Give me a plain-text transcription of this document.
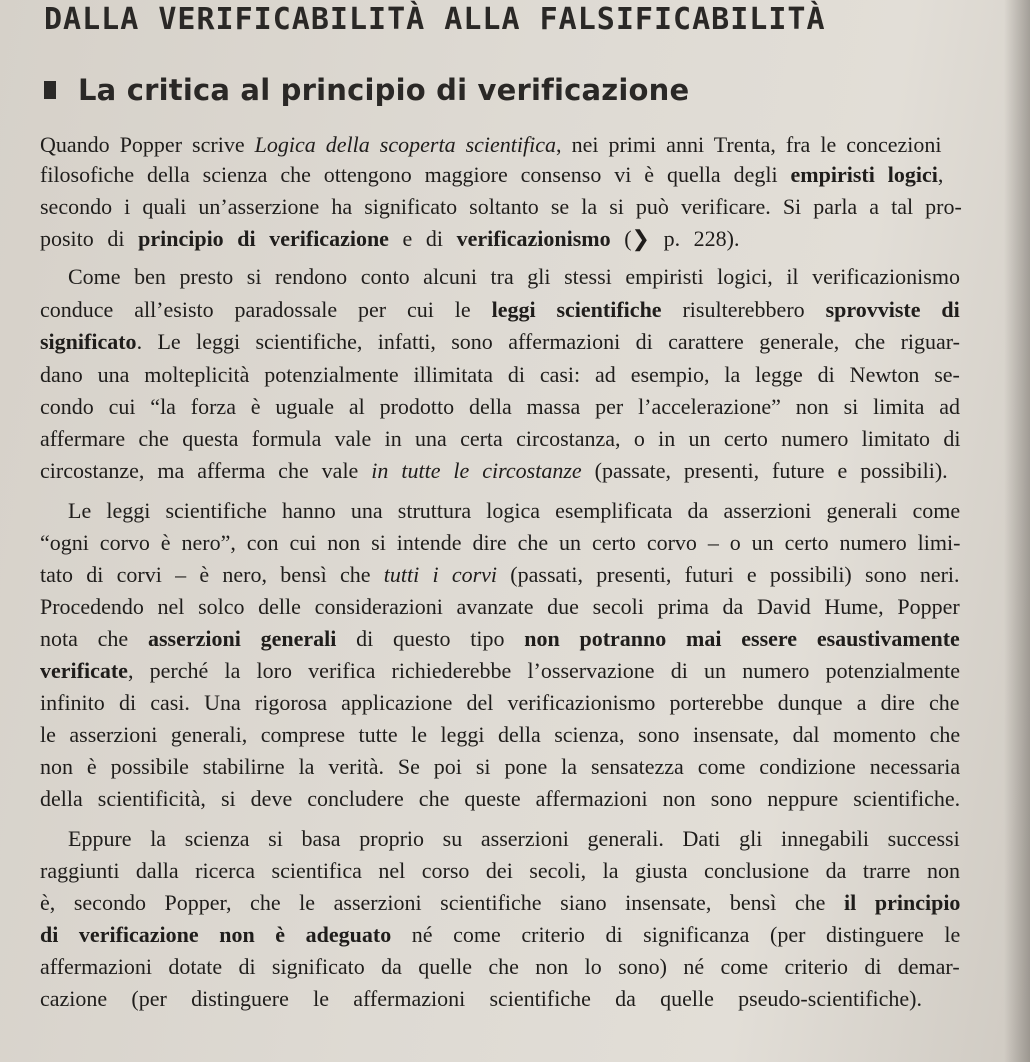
DALLA VERIFICABILITÀ ALLA FALSIFICABILITÀ
La critica al principio di verificazione
Quando Popper scrive Logica della scoperta scientifica, nei primi anni Trenta, fra le concezioni
filosofiche della scienza che ottengono maggiore consenso vi è quella degli empiristi logici,
secondo i quali un’asserzione ha significato soltanto se la si può verificare. Si parla a tal pro-
posito di principio di verificazione e di verificazionismo (❯ p. 228).
Come ben presto si rendono conto alcuni tra gli stessi empiristi logici, il verificazionismo
conduce all’esisto paradossale per cui le leggi scientifiche risulterebbero sprovviste di
significato. Le leggi scientifiche, infatti, sono affermazioni di carattere generale, che riguar-
dano una molteplicità potenzialmente illimitata di casi: ad esempio, la legge di Newton se-
condo cui “la forza è uguale al prodotto della massa per l’accelerazione” non si limita ad
affermare che questa formula vale in una certa circostanza, o in un certo numero limitato di
circostanze, ma afferma che vale in tutte le circostanze (passate, presenti, future e possibili).
Le leggi scientifiche hanno una struttura logica esemplificata da asserzioni generali come
“ogni corvo è nero”, con cui non si intende dire che un certo corvo – o un certo numero limi-
tato di corvi – è nero, bensì che tutti i corvi (passati, presenti, futuri e possibili) sono neri.
Procedendo nel solco delle considerazioni avanzate due secoli prima da David Hume, Popper
nota che asserzioni generali di questo tipo non potranno mai essere esaustivamente
verificate, perché la loro verifica richiederebbe l’osservazione di un numero potenzialmente
infinito di casi. Una rigorosa applicazione del verificazionismo porterebbe dunque a dire che
le asserzioni generali, comprese tutte le leggi della scienza, sono insensate, dal momento che
non è possibile stabilirne la verità. Se poi si pone la sensatezza come condizione necessaria
della scientificità, si deve concludere che queste affermazioni non sono neppure scientifiche.
Eppure la scienza si basa proprio su asserzioni generali. Dati gli innegabili successi
raggiunti dalla ricerca scientifica nel corso dei secoli, la giusta conclusione da trarre non
è, secondo Popper, che le asserzioni scientifiche siano insensate, bensì che il principio
di verificazione non è adeguato né come criterio di significanza (per distinguere le
affermazioni dotate di significato da quelle che non lo sono) né come criterio di demar-
cazione (per distinguere le affermazioni scientifiche da quelle pseudo-scientifiche).
